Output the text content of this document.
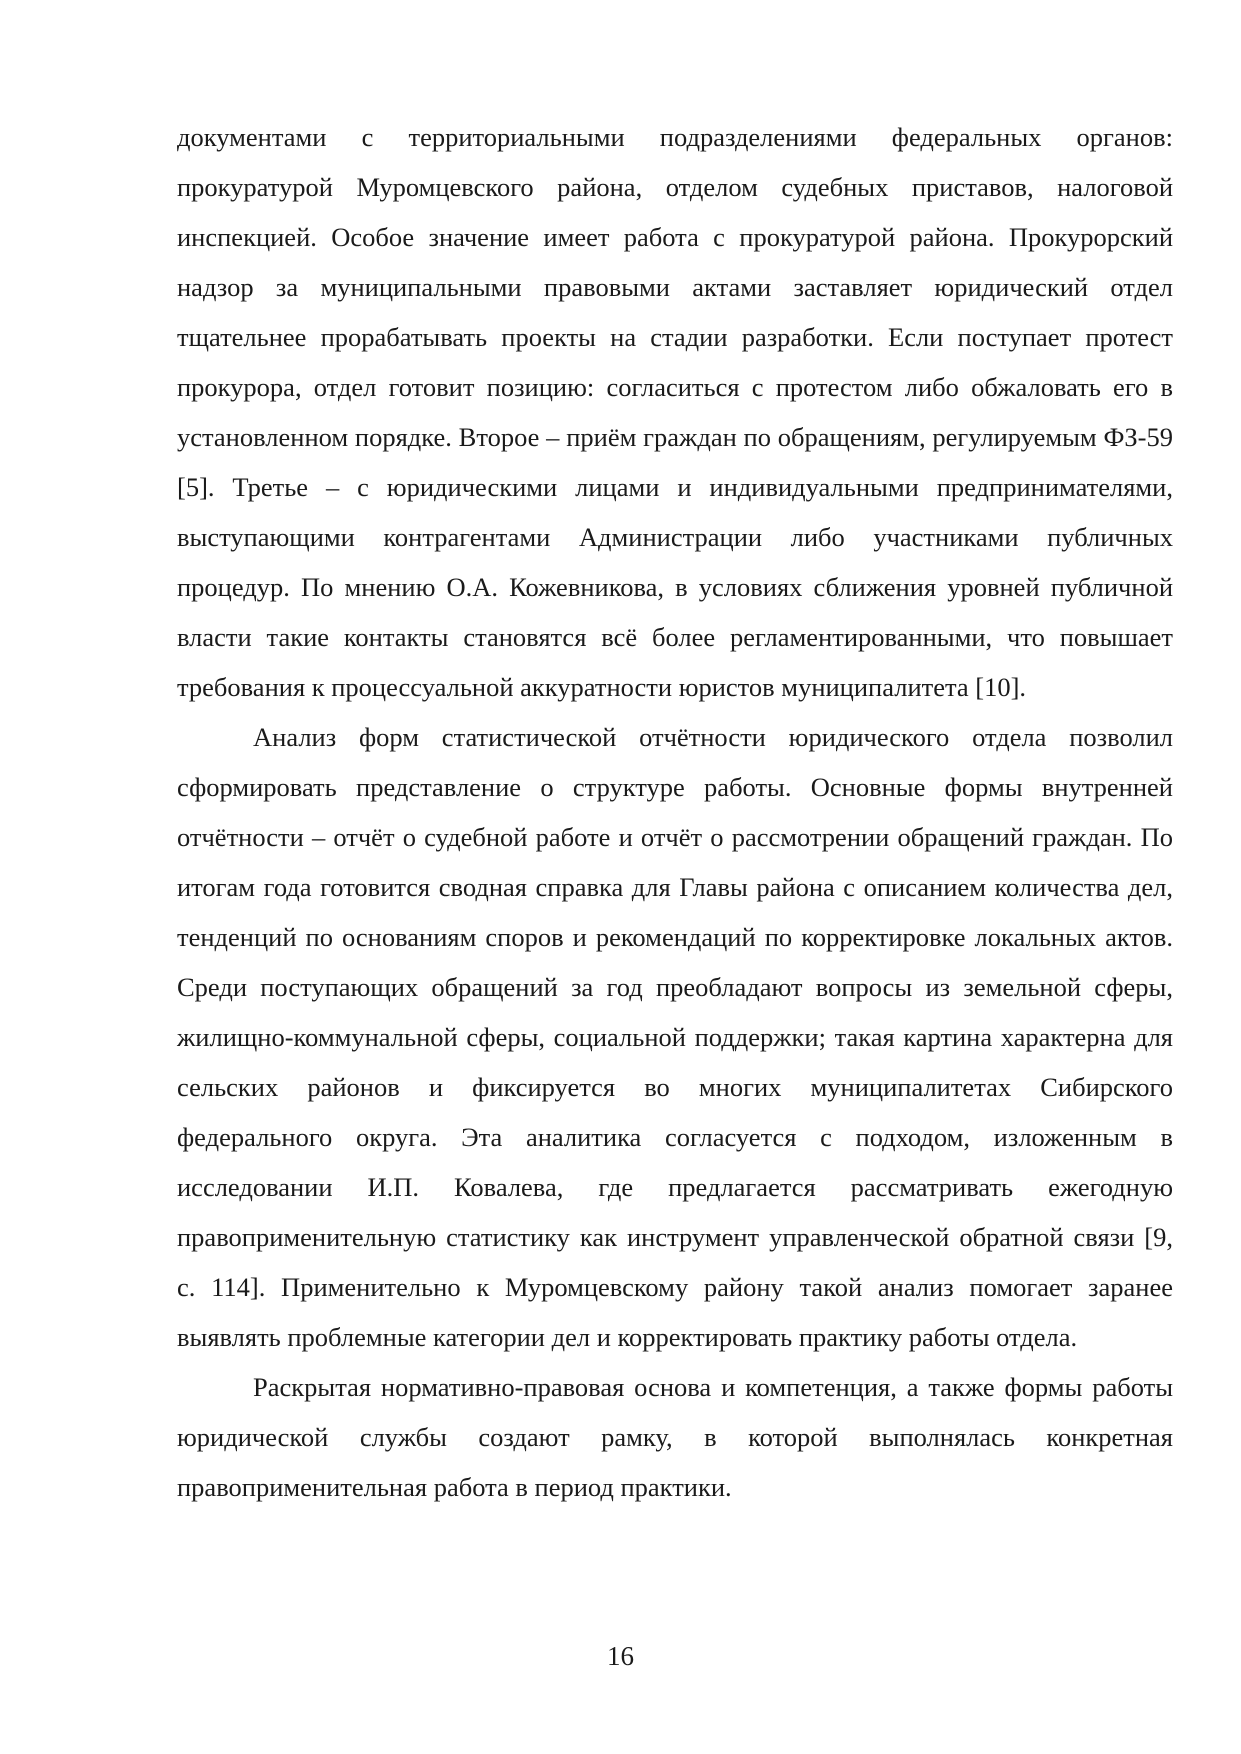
документами с территориальными подразделениями федеральных органов: прокуратурой Муромцевского района, отделом судебных приставов, налоговой инспекцией. Особое значение имеет работа с прокуратурой района. Прокурорский надзор за муниципальными правовыми актами заставляет юридический отдел тщательнее прорабатывать проекты на стадии разработки. Если поступает протест прокурора, отдел готовит позицию: согласиться с протестом либо обжаловать его в установленном порядке. Второе – приём граждан по обращениям, регулируемым ФЗ-59 [5]. Третье – с юридическими лицами и индивидуальными предпринимателями, выступающими контрагентами Администрации либо участниками публичных процедур. По мнению О.А. Кожевникова, в условиях сближения уровней публичной власти такие контакты становятся всё более регламентированными, что повышает требования к процессуальной аккуратности юристов муниципалитета [10].

Анализ форм статистической отчётности юридического отдела позволил сформировать представление о структуре работы. Основные формы внутренней отчётности – отчёт о судебной работе и отчёт о рассмотрении обращений граждан. По итогам года готовится сводная справка для Главы района с описанием количества дел, тенденций по основаниям споров и рекомендаций по корректировке локальных актов. Среди поступающих обращений за год преобладают вопросы из земельной сферы, жилищно-коммунальной сферы, социальной поддержки; такая картина характерна для сельских районов и фиксируется во многих муниципалитетах Сибирского федерального округа. Эта аналитика согласуется с подходом, изложенным в исследовании И.П. Ковалева, где предлагается рассматривать ежегодную правоприменительную статистику как инструмент управленческой обратной связи [9, с. 114]. Применительно к Муромцевскому району такой анализ помогает заранее выявлять проблемные категории дел и корректировать практику работы отдела.

Раскрытая нормативно-правовая основа и компетенция, а также формы работы юридической службы создают рамку, в которой выполнялась конкретная правоприменительная работа в период практики.

16
